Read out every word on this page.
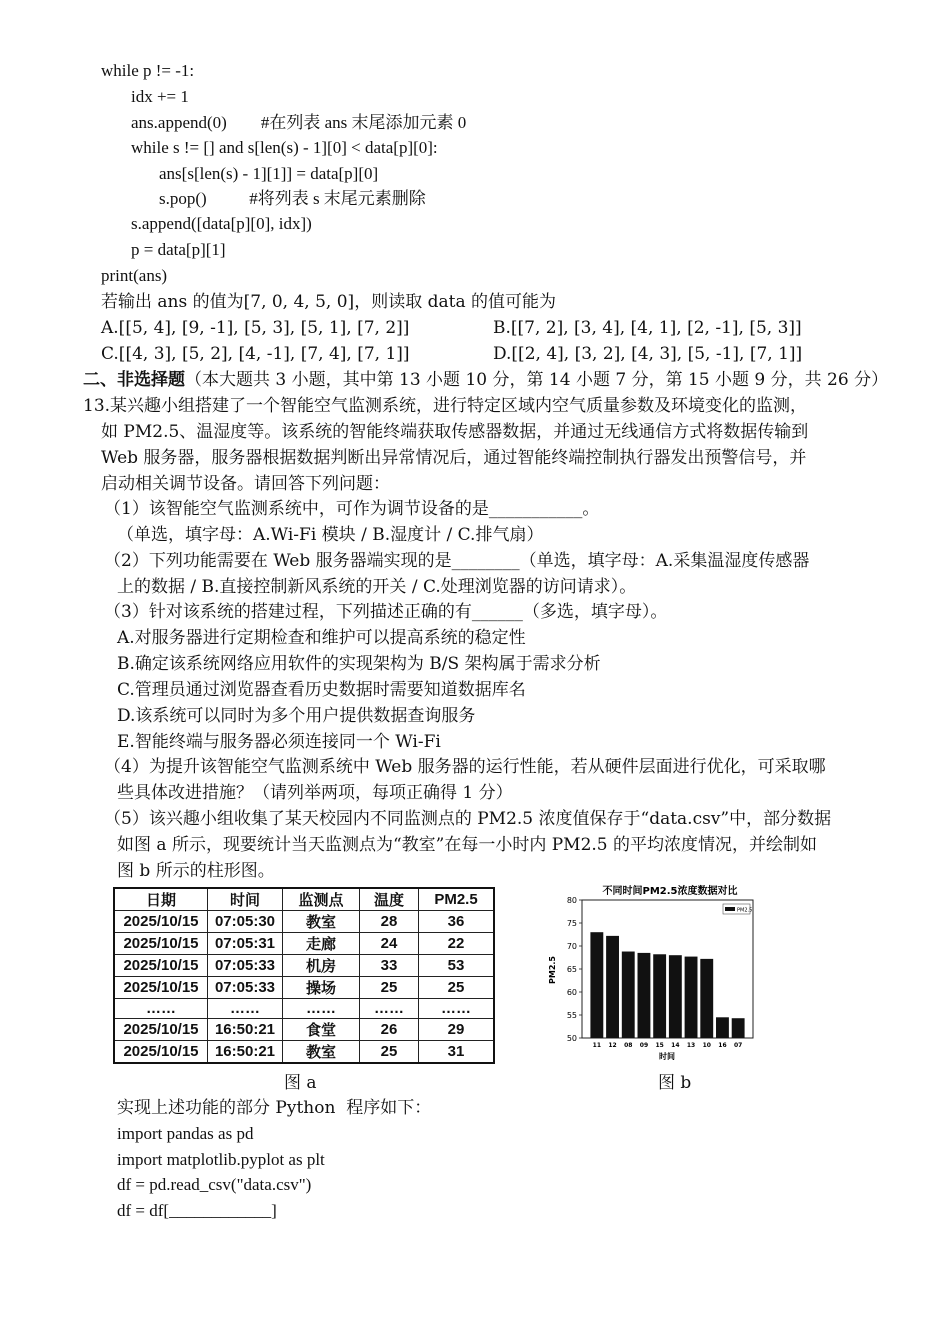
while p != -1:
idx += 1
ans.append(0)        #在列表 ans 末尾添加元素 0
while s != [] and s[len(s) - 1][0] < data[p][0]:
ans[s[len(s) - 1][1]] = data[p][0]
s.pop()          #将列表 s 末尾元素删除
s.append([data[p][0], idx])
p = data[p][1]
print(ans)
若输出 ans 的值为[7, 0, 4, 5, 0]，则读取 data 的值可能为
A.[[5, 4], [9, -1], [5, 3], [5, 1], [7, 2]]	B.[[7, 2], [3, 4], [4, 1], [2, -1], [5, 3]]
C.[[4, 3], [5, 2], [4, -1], [7, 4], [7, 1]]	D.[[2, 4], [3, 2], [4, 3], [5, -1], [7, 1]]
二、非选择题（本大题共 3 小题，其中第 13 小题 10 分，第 14 小题 7 分，第 15 小题 9 分，共 26 分）
13.某兴趣小组搭建了一个智能空气监测系统，进行特定区域内空气质量参数及环境变化的监测，
如 PM2.5、温湿度等。该系统的智能终端获取传感器数据，并通过无线通信方式将数据传输到
Web 服务器，服务器根据数据判断出异常情况后，通过智能终端控制执行器发出预警信号，并
启动相关调节设备。请回答下列问题：
（1）该智能空气监测系统中，可作为调节设备的是___________。
（单选，填字母：A.Wi-Fi 模块 / B.湿度计 / C.排气扇）
（2）下列功能需要在 Web 服务器端实现的是________（单选，填字母：A.采集温湿度传感器
上的数据 / B.直接控制新风系统的开关 / C.处理浏览器的访问请求）。
（3）针对该系统的搭建过程，下列描述正确的有______（多选，填字母）。
A.对服务器进行定期检查和维护可以提高系统的稳定性
B.确定该系统网络应用软件的实现架构为 B/S 架构属于需求分析
C.管理员通过浏览器查看历史数据时需要知道数据库名
D.该系统可以同时为多个用户提供数据查询服务
E.智能终端与服务器必须连接同一个 Wi-Fi
（4）为提升该智能空气监测系统中 Web 服务器的运行性能，若从硬件层面进行优化，可采取哪
些具体改进措施？（请列举两项，每项正确得 1 分）
（5）该兴趣小组收集了某天校园内不同监测点的 PM2.5 浓度值保存于“data.csv”中，部分数据
如图 a 所示，现要统计当天监测点为“教室”在每一小时内 PM2.5 的平均浓度情况，并绘制如
图 b 所示的柱形图。
日期	时间	监测点	温度	PM2.5
2025/10/15	07:05:30	教室	28	36
2025/10/15	07:05:31	走廊	24	22
2025/10/15	07:05:33	机房	33	53
2025/10/15	07:05:33	操场	25	25
……	……	……	……	……
2025/10/15	16:50:21	食堂	26	29
2025/10/15	16:50:21	教室	25	31
图 a
不同时间PM2.5浓度数据对比
50
55
60
65
70
75
80
11 12 08 09 15 14 13 10 16 07
PM2.5
时间
PM2.5
图 b
实现上述功能的部分 Python  程序如下：
import pandas as pd
import matplotlib.pyplot as plt
df = pd.read_csv("data.csv")
df = df[____________]
